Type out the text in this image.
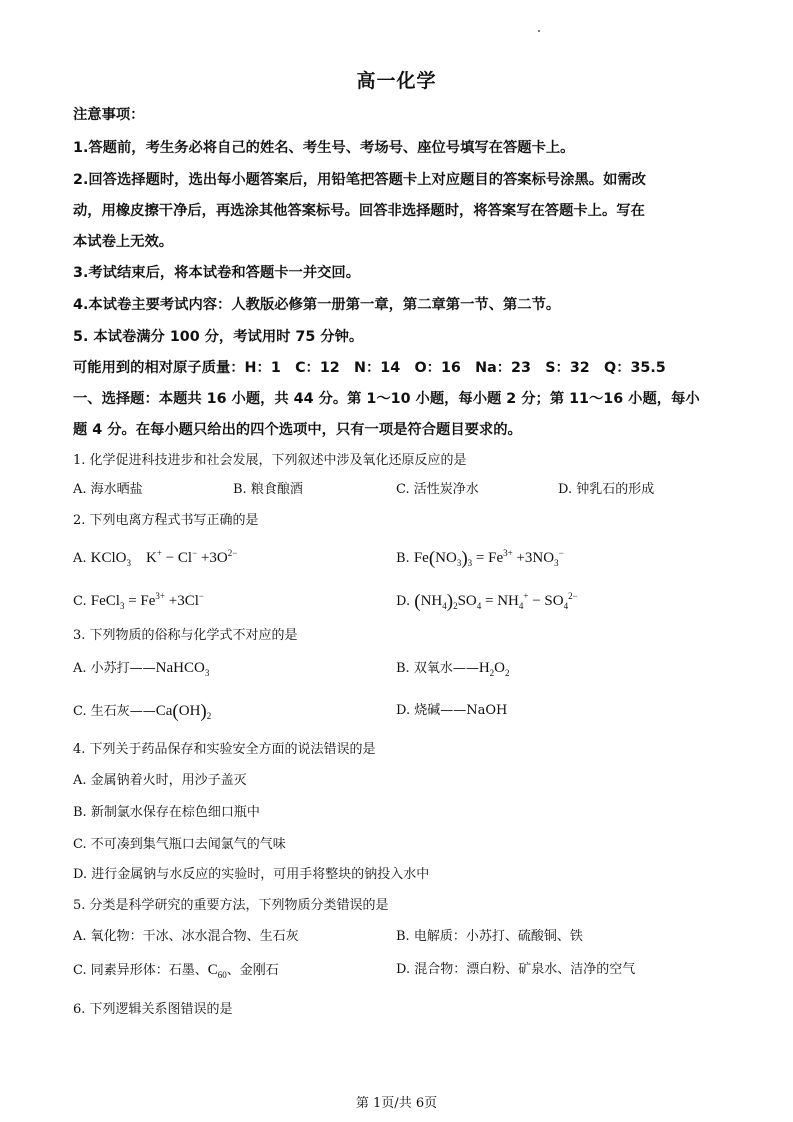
高一化学
注意事项：
1.答题前，考生务必将自己的姓名、考生号、考场号、座位号填写在答题卡上。
2.回答选择题时，选出每小题答案后，用铅笔把答题卡上对应题目的答案标号涂黑。如需改
动，用橡皮擦干净后，再选涂其他答案标号。回答非选择题时，将答案写在答题卡上。写在
本试卷上无效。
3.考试结束后，将本试卷和答题卡一并交回。
4.本试卷主要考试内容：人教版必修第一册第一章，第二章第一节、第二节。
5. 本试卷满分 100 分，考试用时 75 分钟。
可能用到的相对原子质量：H：1　C：12　N：14　O：16　Na：23　S：32　Q：35.5
一、选择题：本题共 16 小题，共 44 分。第 1～10 小题，每小题 2 分；第 11～16 小题，每小
题 4 分。在每小题只给出的四个选项中，只有一项是符合题目要求的。
1. 化学促进科技进步和社会发展，下列叙述中涉及氧化还原反应的是
A. 海水晒盐	B. 粮食酿酒	C. 活性炭净水	D. 钟乳石的形成
2. 下列电离方程式书写正确的是
A. KClO$_3$ $K^+ - Cl^- +3O^{2-}$	B. $Fe(NO_3)_3 = Fe^{3+} +3NO_3^-$
C. FeCl$_3$ = $Fe^{3+} +3Cl^-$	D. $(NH_4)_2SO_4 = NH_4^+ - SO_4^{2-}$
3. 下列物质的俗称与化学式不对应的是
A. 小苏打——NaHCO$_3$	B. 双氧水$——H_2O_2$
C. 生石灰$——Ca(OH)_2$	D. 烧碱——NaOH
4. 下列关于药品保存和实验安全方面的说法错误的是
A. 金属钠着火时，用沙子盖灭
B. 新制氯水保存在棕色细口瓶中
C. 不可凑到集气瓶口去闻氯气的气味
D. 进行金属钠与水反应的实验时，可用手将整块的钠投入水中
5. 分类是科学研究的重要方法，下列物质分类错误的是
A. 氧化物：干冰、冰水混合物、生石灰	B. 电解质：小苏打、硫酸铜、铁
C. 同素异形体：石墨、$C_{60}$、金刚石	D. 混合物：漂白粉、矿泉水、洁净的空气
6. 下列逻辑关系图错误的是
第 1页/共 6页
